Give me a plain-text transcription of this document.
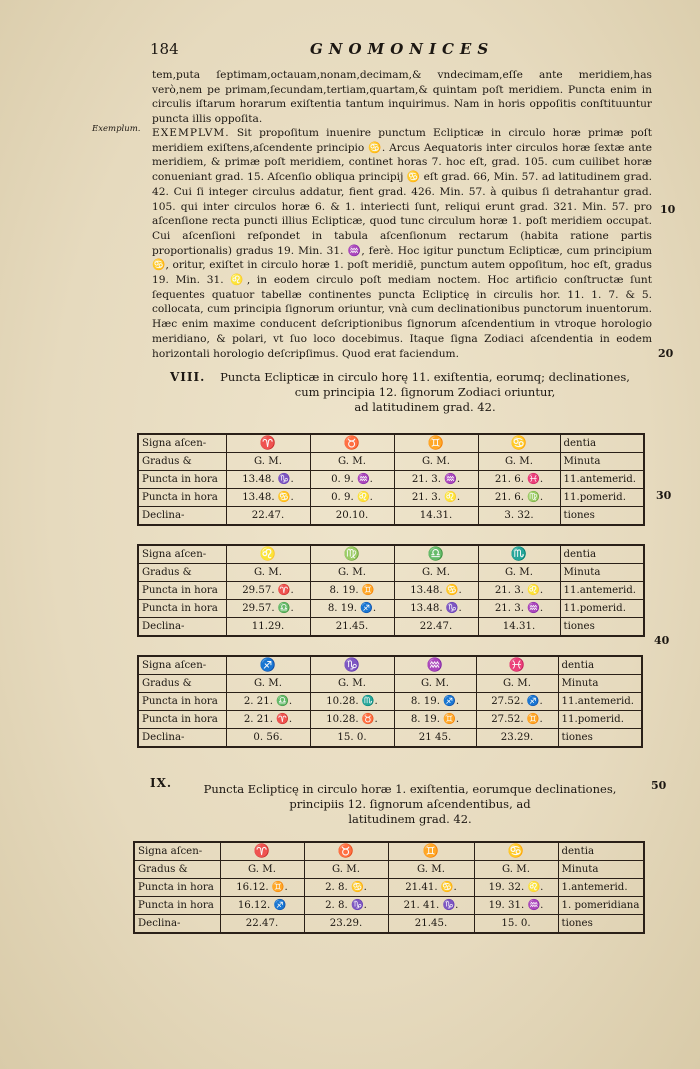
184	GNOMONICES
Exemplum.
10
20
30
40
50

tem,puta ſeptimam,octauam,nonam,decimam,& vndecimam,eſſe ante meridiem,has verò,nem pe primam,ſecundam,tertiam,quartam,& quintam poſt meridiem. Puncta enim in circulis iſtarum horarum exiſtentia tantum inquirimus. Nam in horis oppoſitis conſtituuntur puncta illis oppoſita.

EXEMPLVM. Sit propoſitum inuenire punctum Eclipticæ in circulo horæ primæ poſt meridiem exiſtens,aſcendente principio ♋. Arcus Aequatoris inter circulos horæ ſextæ ante meridiem, & primæ poſt meridiem, continet horas 7. hoc eſt, grad. 105. cum cuilibet horæ conueniant grad. 15. Aſcenſio obliqua principij ♋ eſt grad. 66, Min. 57. ad latitudinem grad. 42. Cui ſi integer circulus addatur, fient grad. 426. Min. 57. à quibus ſi detrahantur grad. 105. qui inter circulos horæ 6. & 1. interiecti ſunt, reliqui erunt grad. 321. Min. 57. pro aſcenſione recta puncti illius Eclipticæ, quod tunc circulum horæ 1. poſt meridiem occupat. Cui aſcenſioni reſpondet in tabula aſcenſionum rectarum (habita ratione partis proportionalis) gradus 19. Min. 31. ♒, ferè. Hoc igitur punctum Eclipticæ, cum principium ♋, oritur, exiſtet in circulo horæ 1. poſt meridiē, punctum autem oppoſitum, hoc eſt, gradus 19. Min. 31. ♌, in eodem circulo poſt mediam noctem. Hoc artificio conſtructæ ſunt ſequentes quatuor tabellæ continentes puncta Eclipticę in circulis hor. 11. 1. 7. & 5. collocata, cum principia ſignorum oriuntur, vnà cum declinationibus punctorum inuentorum. Hæc enim maxime conducent deſcriptionibus ſignorum aſcendentium in vtroque horologio meridiano, & polari, vt ſuo loco docebimus. Itaque ſigna Zodiaci aſcendentia in eodem horizontali horologio deſcripſimus. Quod erat faciendum.

VIII. Puncta Eclipticæ in circulo horę 11. exiſtentia, eorumq; declinationes,
cum principia 12. ſignorum Zodiaci oriuntur,
ad latitudinem grad. 42.
Signa aſcen-	♈	♉	♊	♋	dentia
Gradus &	G. M.	G. M.	G. M.	G. M.	Minuta
Puncta in hora	13.48. ♑.	0. 9. ♒.	21. 3. ♒.	21. 6. ♓.	11.antemerid.
Puncta in hora	13.48. ♋.	0. 9. ♌.	21. 3. ♌.	21. 6. ♍.	11.pomerid.
Declina-	22.47.	20.10.	14.31.	3. 32.	tiones
Signa aſcen-	♌	♍	♎	♏	dentia
Gradus &	G. M.	G. M.	G. M.	G. M.	Minuta
Puncta in hora	29.57. ♈.	8. 19. ♊	13.48. ♋.	21. 3. ♌.	11.antemerid.
Puncta in hora	29.57. ♎.	8. 19. ♐.	13.48. ♑.	21. 3. ♒.	11.pomerid.
Declina-	11.29.	21.45.	22.47.	14.31.	tiones
Signa aſcen-	♐	♑	♒	♓	dentia
Gradus &	G. M.	G. M.	G. M.	G. M.	Minuta
Puncta in hora	2. 21. ♎.	10.28. ♏.	8. 19. ♐.	27.52. ♐.	11.antemerid.
Puncta in hora	2. 21. ♈.	10.28. ♉.	8. 19. ♊.	27.52. ♊.	11.pomerid.
Declina-	0. 56.	15. 0.	21 45.	23.29.	tiones
IX.	Puncta Eclipticę in circulo horæ 1. exiſtentia, eorumque declinationes,
principiis 12. ſignorum aſcendentibus, ad
latitudinem grad. 42.
Signa aſcen-	♈	♉	♊	♋	dentia
Gradus &	G. M.	G. M.	G. M.	G. M.	Minuta
Puncta in hora	16.12. ♊.	2. 8. ♋.	21.41. ♋.	19. 32. ♌.	1.antemerid.
Puncta in hora	16.12. ♐	2. 8. ♑.	21. 41. ♑.	19. 31. ♒.	1. pomeridiana
Declina-	22.47.	23.29.	21.45.	15. 0.	tiones
